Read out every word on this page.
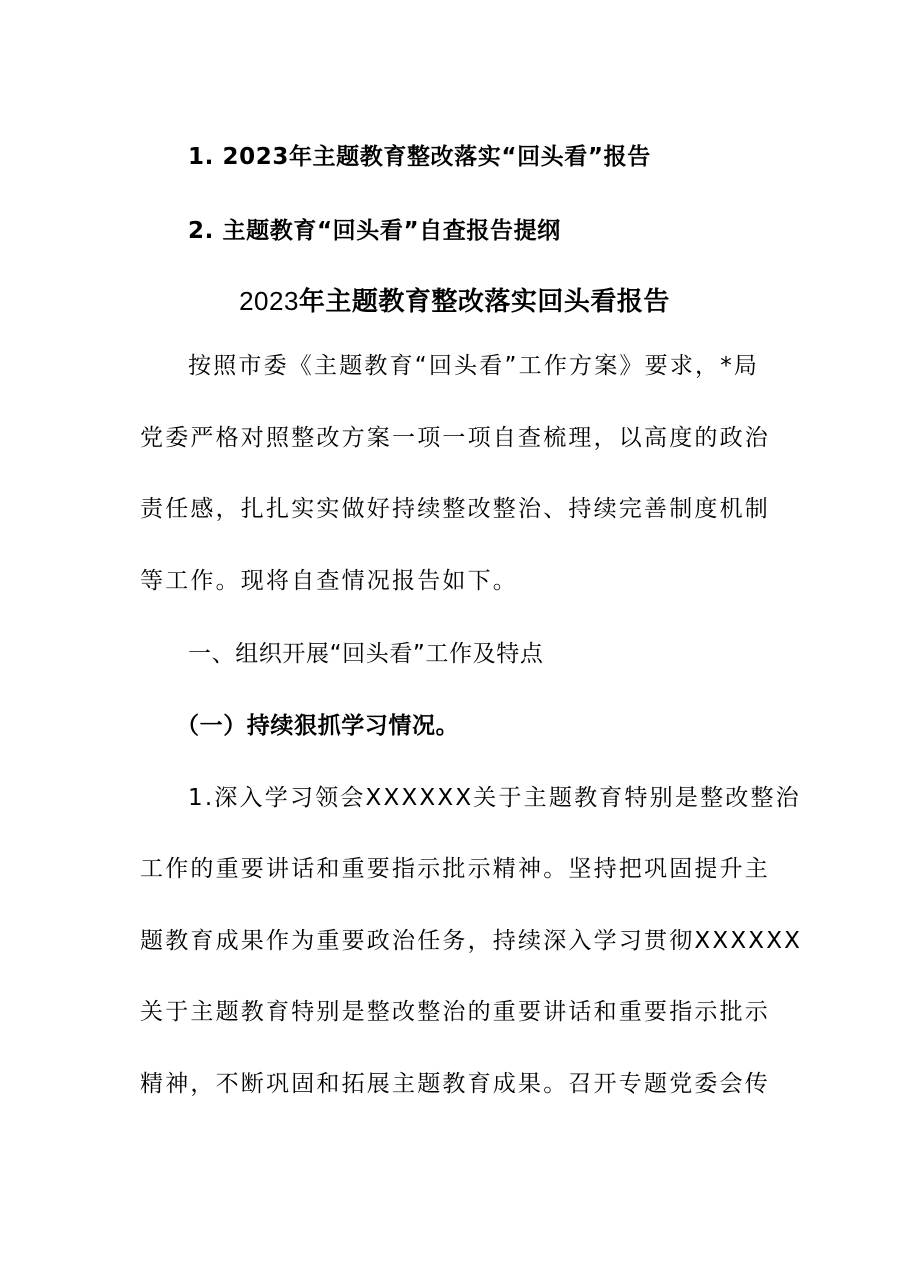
1. 2023年主题教育整改落实“回头看”报告
2. 主题教育“回头看”自查报告提纲
2023年主题教育整改落实回头看报告
按照市委《主题教育“回头看”工作方案》要求，*局
党委严格对照整改方案一项一项自查梳理，以高度的政治
责任感，扎扎实实做好持续整改整治、持续完善制度机制
等工作。现将自查情况报告如下。
一、组织开展“回头看”工作及特点
（一）持续狠抓学习情况。
1.深入学习领会XXXXXX关于主题教育特别是整改整治
工作的重要讲话和重要指示批示精神。坚持把巩固提升主
题教育成果作为重要政治任务，持续深入学习贯彻XXXXXX
关于主题教育特别是整改整治的重要讲话和重要指示批示
精神，不断巩固和拓展主题教育成果。召开专题党委会传
